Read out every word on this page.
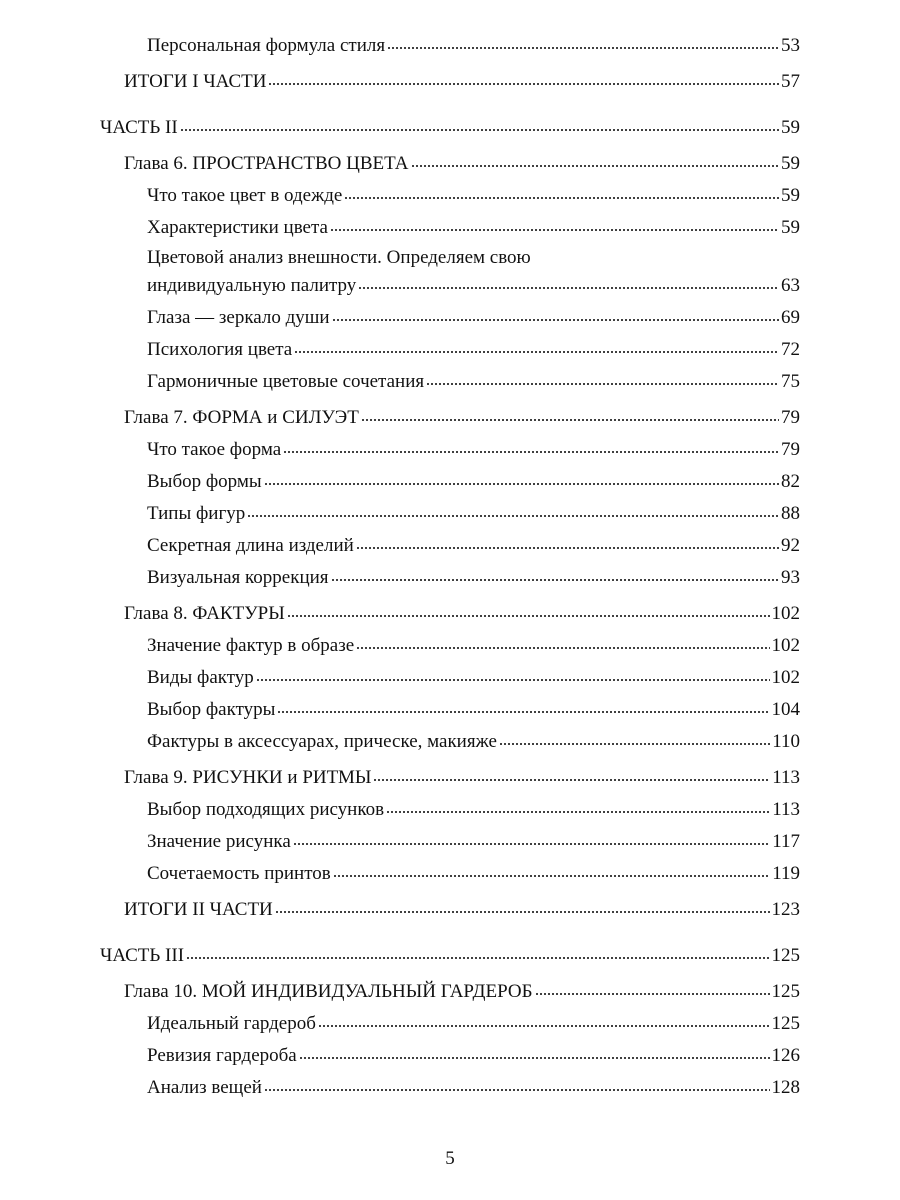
Персональная формула стиля	53
ИТОГИ I ЧАСТИ	57
ЧАСТЬ II	59
Глава 6. ПРОСТРАНСТВО ЦВЕТА	59
Что такое цвет в одежде	59
Характеристики цвета	59
Цветовой анализ внешности. Определяем свою
индивидуальную палитру	63
Глаза — зеркало души	69
Психология цвета	72
Гармоничные цветовые сочетания	75
Глава 7. ФОРМА и СИЛУЭТ	79
Что такое форма	79
Выбор формы	82
Типы фигур	88
Секретная длина изделий	92
Визуальная коррекция	93
Глава 8. ФАКТУРЫ	102
Значение фактур в образе	102
Виды фактур	102
Выбор фактуры	104
Фактуры в аксессуарах, прическе, макияже	110
Глава 9. РИСУНКИ и РИТМЫ	113
Выбор подходящих рисунков	113
Значение рисунка	117
Сочетаемость принтов	119
ИТОГИ II ЧАСТИ	123
ЧАСТЬ III	125
Глава 10. МОЙ ИНДИВИДУАЛЬНЫЙ ГАРДЕРОБ	125
Идеальный гардероб	125
Ревизия гардероба	126
Анализ вещей	128
5
